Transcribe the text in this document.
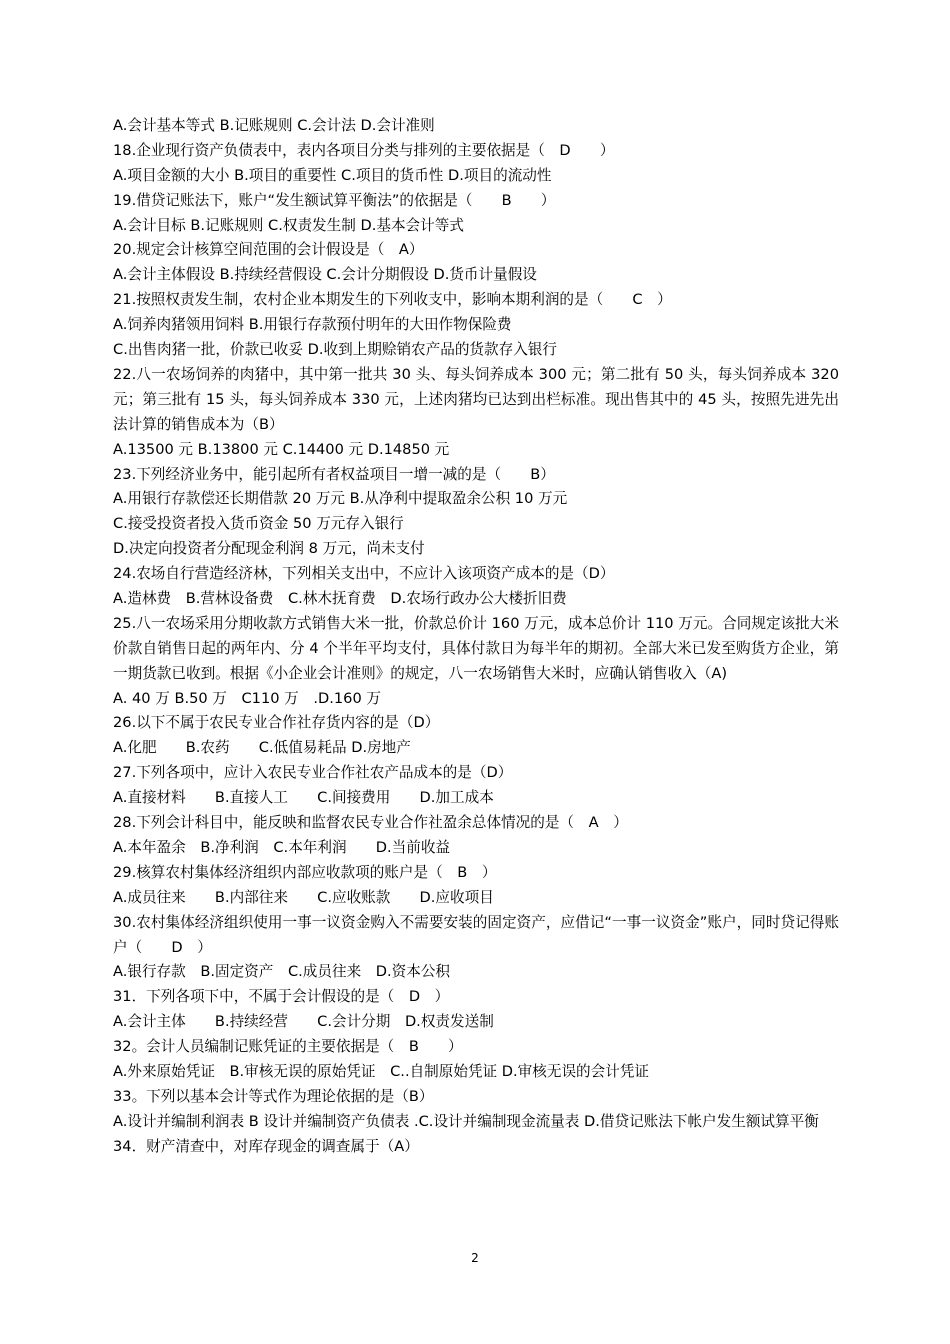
A.会计基本等式 B.记账规则 C.会计法 D.会计准则
18.企业现行资产负债表中，表内各项目分类与排列的主要依据是（　D　　）
A.项目金额的大小 B.项目的重要性 C.项目的货币性 D.项目的流动性
19.借贷记账法下，账户“发生额试算平衡法”的依据是（　　B　　）
A.会计目标 B.记账规则 C.权责发生制 D.基本会计等式
20.规定会计核算空间范围的会计假设是（　A）
A.会计主体假设 B.持续经营假设 C.会计分期假设 D.货币计量假设
21.按照权责发生制，农村企业本期发生的下列收支中，影响本期利润的是（　　C　）
A.饲养肉猪领用饲料 B.用银行存款预付明年的大田作物保险费
C.出售肉猪一批，价款已收妥 D.收到上期赊销农产品的货款存入银行
22.八一农场饲养的肉猪中，其中第一批共 30 头、每头饲养成本 300 元；第二批有 50 头，每头饲养成本 320 元；第三批有 15 头，每头饲养成本 330 元，上述肉猪均已达到出栏标准。现出售其中的 45 头，按照先进先出法计算的销售成本为（B）
A.13500 元 B.13800 元 C.14400 元 D.14850 元
23.下列经济业务中，能引起所有者权益项目一增一减的是（　　B）
A.用银行存款偿还长期借款 20 万元 B.从净利中提取盈余公积 10 万元
C.接受投资者投入货币资金 50 万元存入银行
D.决定向投资者分配现金利润 8 万元，尚未支付
24.农场自行营造经济林，下列相关支出中，不应计入该项资产成本的是（D）
A.造林费　B.营林设备费　C.林木抚育费　D.农场行政办公大楼折旧费
25.八一农场采用分期收款方式销售大米一批，价款总价计 160 万元，成本总价计 110 万元。合同规定该批大米价款自销售日起的两年内、分 4 个半年平均支付，具体付款日为每半年的期初。全部大米已发至购货方企业，第一期货款已收到。根据《小企业会计准则》的规定，八一农场销售大米时，应确认销售收入（A)
A. 40 万 B.50 万　C110 万　.D.160 万
26.以下不属于农民专业合作社存货内容的是（D）
A.化肥　　B.农药　　C.低值易耗品 D.房地产
27.下列各项中，应计入农民专业合作社农产品成本的是（D）
A.直接材料　　B.直接人工　　C.间接费用　　D.加工成本
28.下列会计科目中，能反映和监督农民专业合作社盈余总体情况的是（　A　）
A.本年盈余　B.净利润　C.本年利润　　D.当前收益
29.核算农村集体经济组织内部应收款项的账户是（　B　）
A.成员往来　　B.内部往来　　C.应收账款　　D.应收项目
30.农村集体经济组织使用一事一议资金购入不需要安装的固定资产，应借记“一事一议资金”账户，同时贷记得账户（　　D　）
A.银行存款　B.固定资产　C.成员往来　D.资本公积
31．下列各项下中，不属于会计假设的是（　D　）
A.会计主体　　B.持续经营　　C.会计分期　D.权责发送制
32。会计人员编制记账凭证的主要依据是（　B　　）
A.外来原始凭证　B.审核无误的原始凭证　C..自制原始凭证 D.审核无误的会计凭证
33。下列以基本会计等式作为理论依据的是（B）
A.设计并编制利润表 B 设计并编制资产负债表 .C.设计并编制现金流量表 D.借贷记账法下帐户发生额试算平衡
34．财产清查中，对库存现金的调查属于（A）
2
